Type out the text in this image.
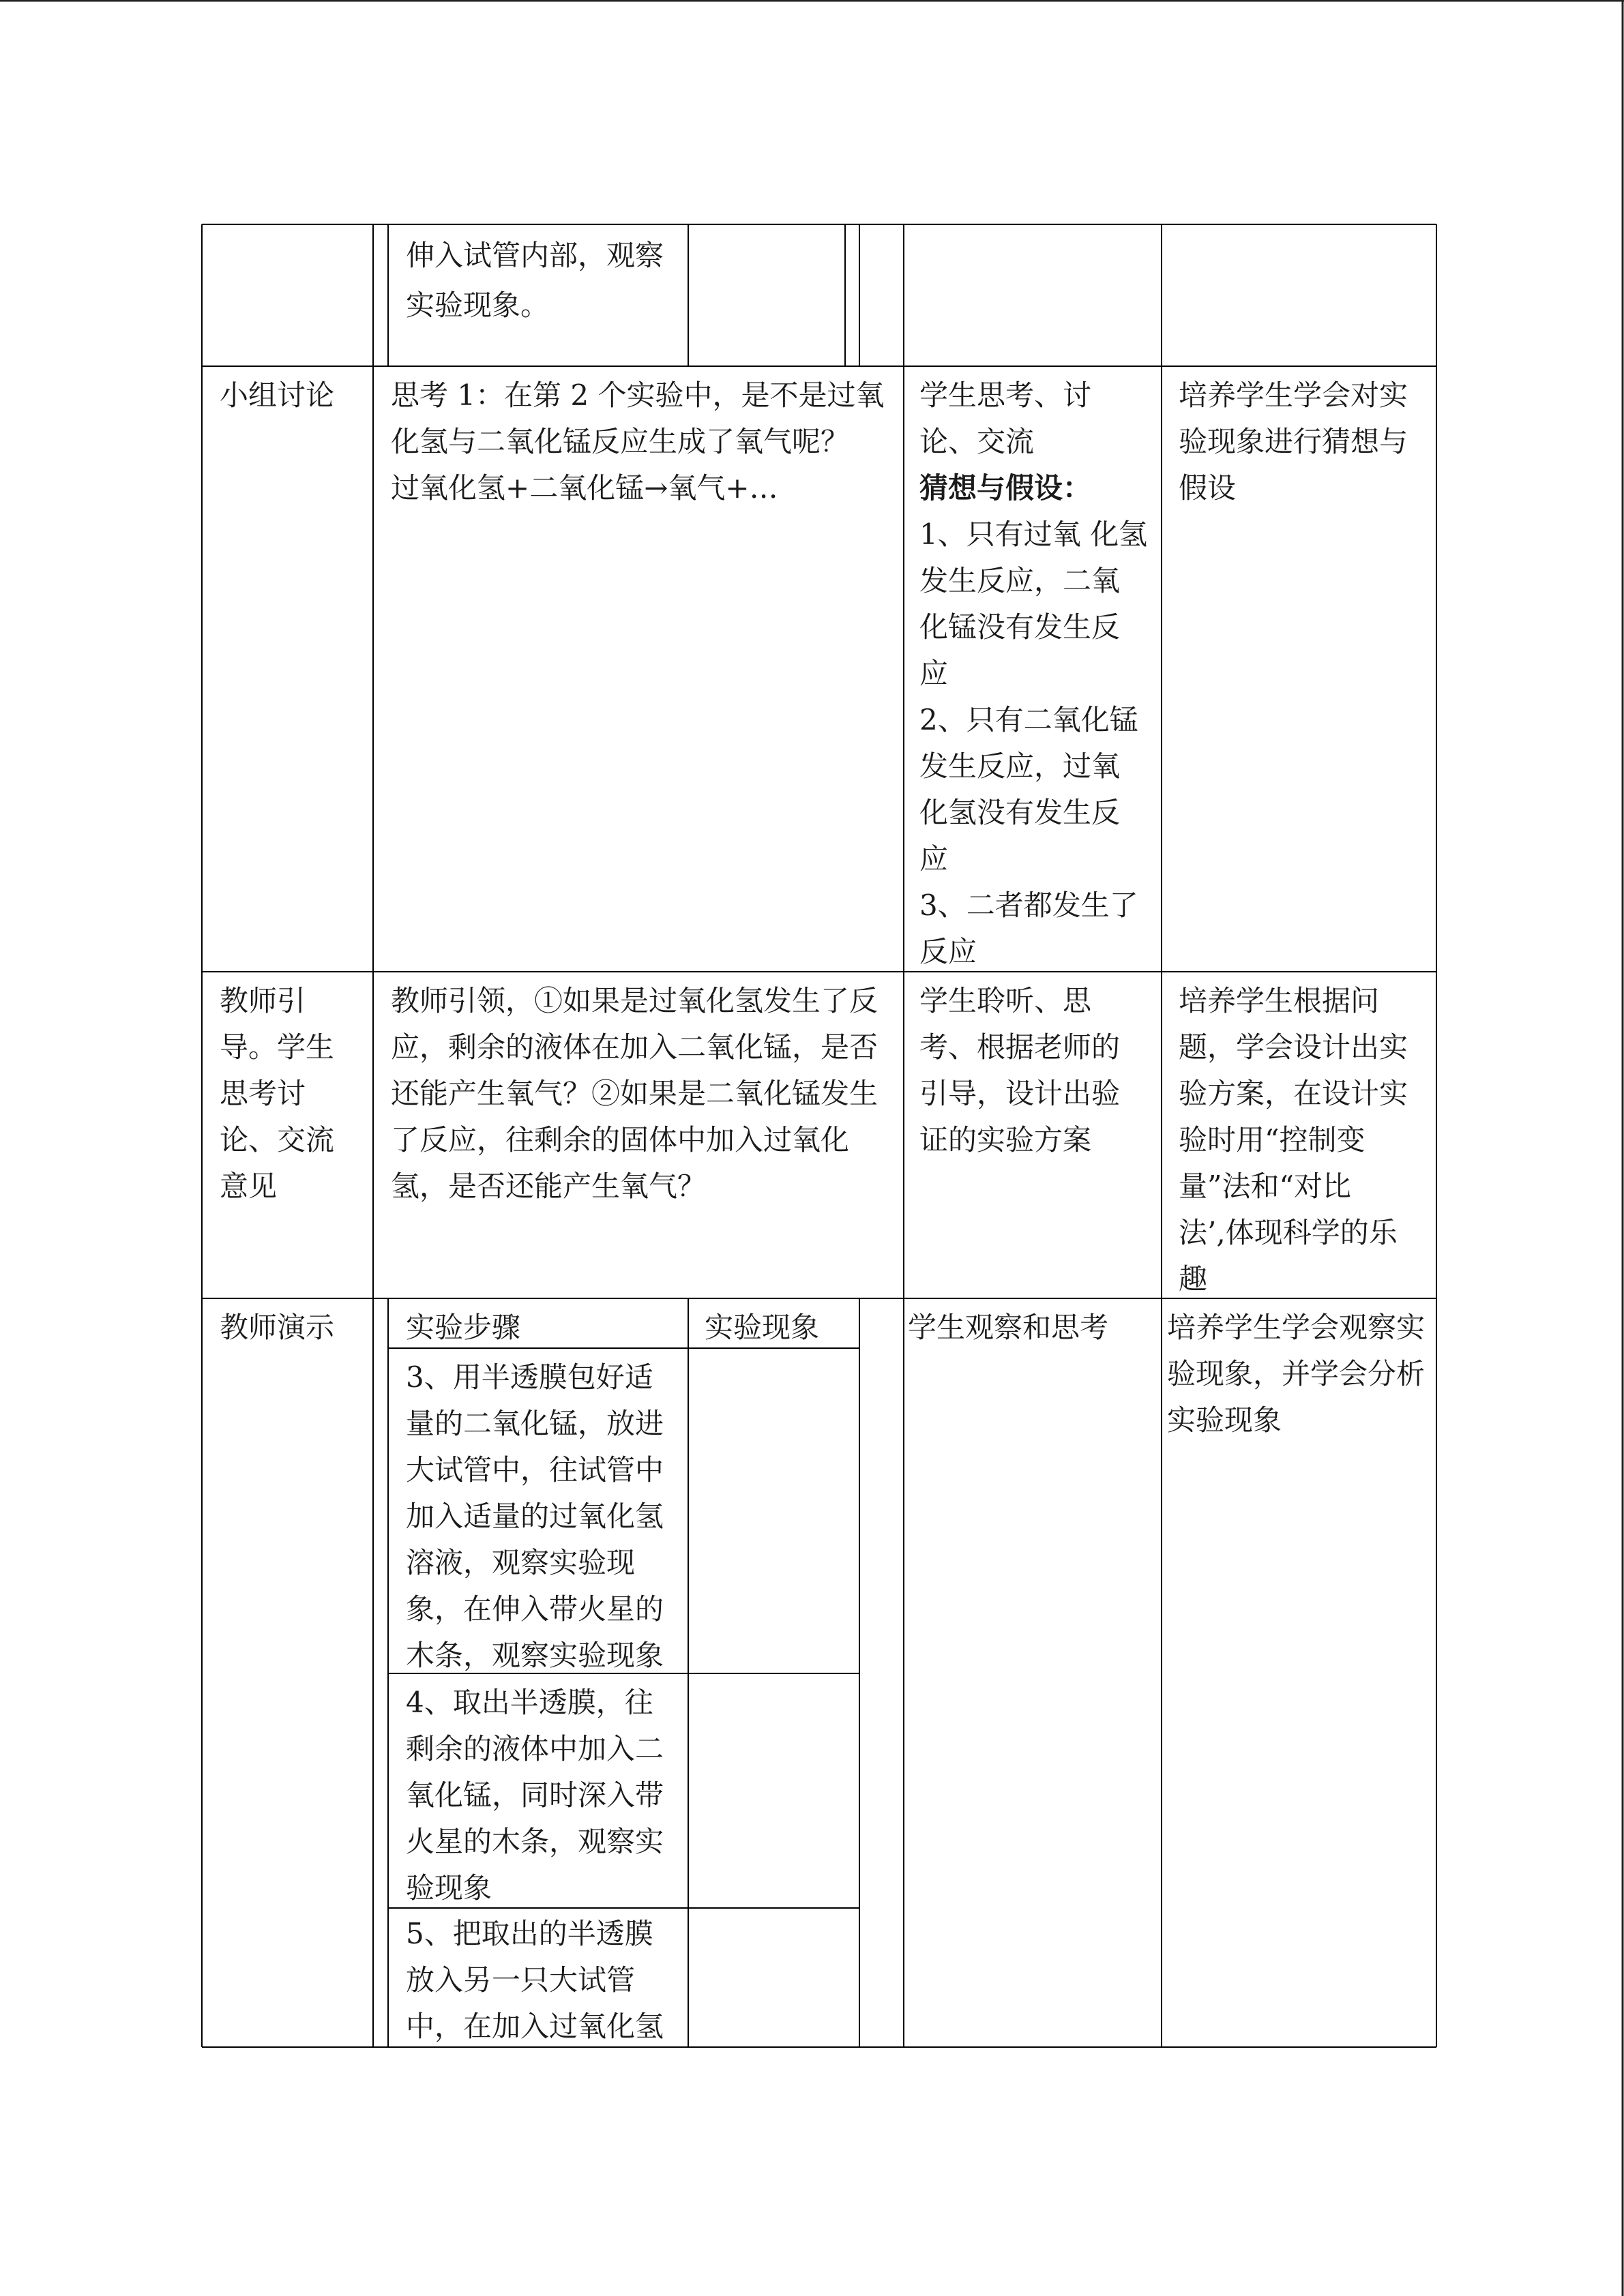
伸入试管内部，观察
实验现象。
小组讨论 思考 1：在第 2 个实验中，是不是过氧
化氢与二氧化锰反应生成了氧气呢？
过氧化氢+二氧化锰→氧气+…
学生思考、讨
论、交流
猜想与假设：
1、只有过氧 化氢
发生反应，二氧
化锰没有发生反
应
2、只有二氧化锰
发生反应，过氧
化氢没有发生反
应
3、二者都发生了
反应
培养学生学会对实
验现象进行猜想与
假设
教师引
导。学生
思考讨
论、交流
意见
教师引领，①如果是过氧化氢发生了反
应，剩余的液体在加入二氧化锰，是否
还能产生氧气？②如果是二氧化锰发生
了反应，往剩余的固体中加入过氧化
氢，是否还能产生氧气？
学生聆听、思
考、根据老师的
引导，设计出验
证的实验方案
培养学生根据问
题，学会设计出实
验方案，在设计实
验时用“控制变
量”法和“对比
法’,体现科学的乐
趣
教师演示 实验步骤	实验现象
3、用半透膜包好适
量的二氧化锰，放进
大试管中，往试管中
加入适量的过氧化氢
溶液，观察实验现
象，在伸入带火星的
木条，观察实验现象
4、取出半透膜，往
剩余的液体中加入二
氧化锰，同时深入带
火星的木条，观察实
验现象
5、把取出的半透膜
放入另一只大试管
中，在加入过氧化氢
学生观察和思考 培养学生学会观察实
验现象，并学会分析
实验现象
